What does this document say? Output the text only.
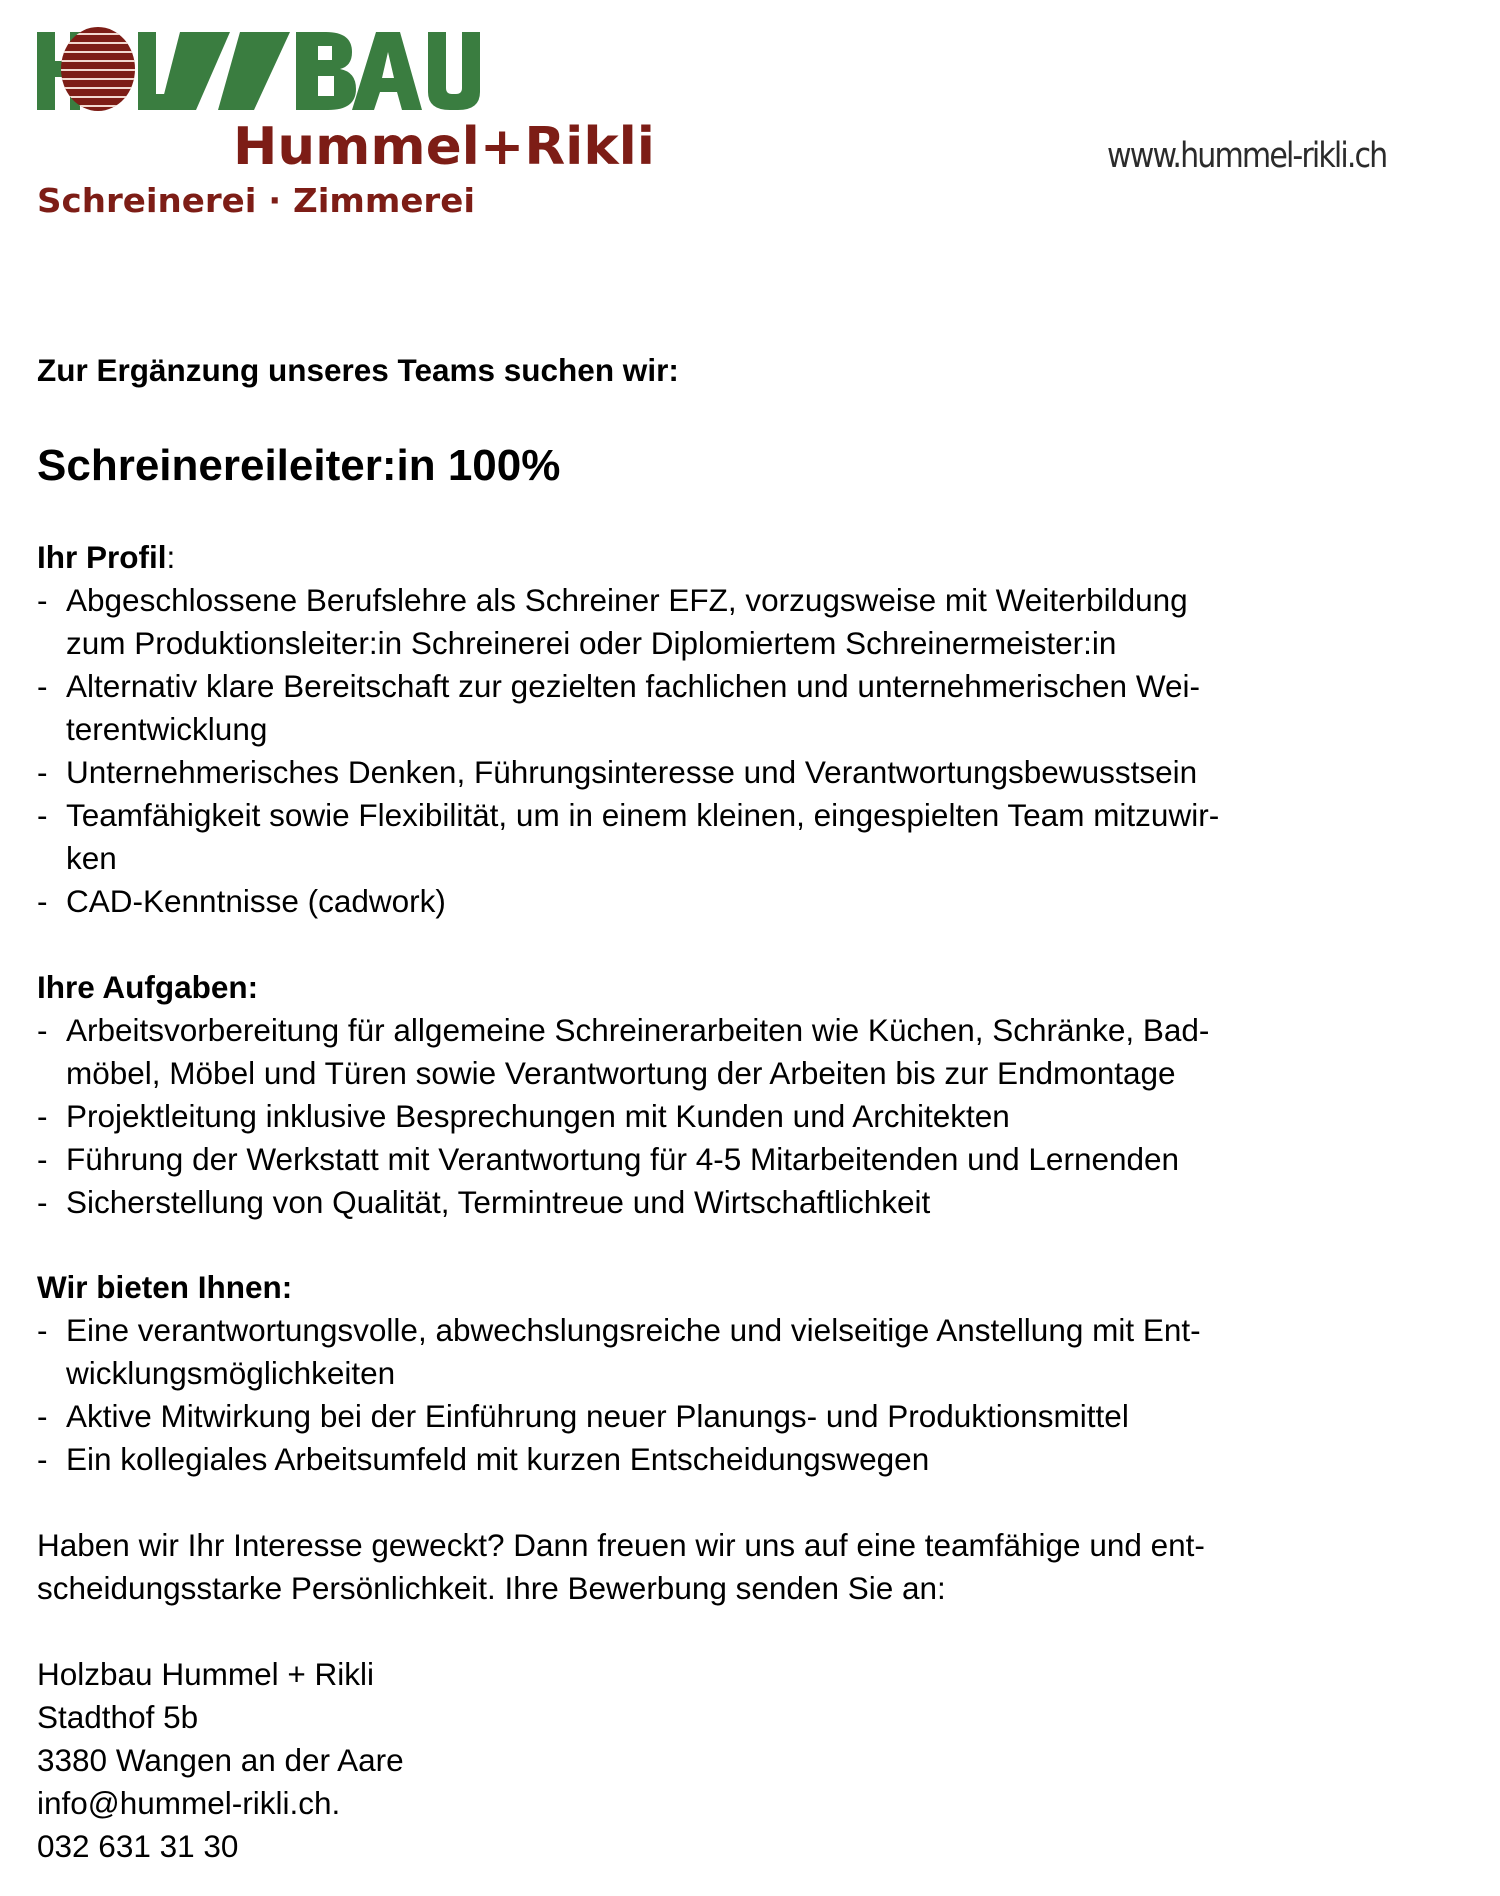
Hummel+Rikli
Schreinerei · Zimmerei
www.hummel-rikli.ch
Zur Ergänzung unseres Teams suchen wir:
Schreinereileiter:in 100%
Ihr Profil:
- Abgeschlossene Berufslehre als Schreiner EFZ, vorzugsweise mit Weiterbildung
zum Produktionsleiter:in Schreinerei oder Diplomiertem Schreinermeister:in
- Alternativ klare Bereitschaft zur gezielten fachlichen und unternehmerischen Wei-
terentwicklung
- Unternehmerisches Denken, Führungsinteresse und Verantwortungsbewusstsein
- Teamfähigkeit sowie Flexibilität, um in einem kleinen, eingespielten Team mitzuwir-
ken
- CAD-Kenntnisse (cadwork)
Ihre Aufgaben:
- Arbeitsvorbereitung für allgemeine Schreinerarbeiten wie Küchen, Schränke, Bad-
möbel, Möbel und Türen sowie Verantwortung der Arbeiten bis zur Endmontage
- Projektleitung inklusive Besprechungen mit Kunden und Architekten
- Führung der Werkstatt mit Verantwortung für 4-5 Mitarbeitenden und Lernenden
- Sicherstellung von Qualität, Termintreue und Wirtschaftlichkeit
Wir bieten Ihnen:
- Eine verantwortungsvolle, abwechslungsreiche und vielseitige Anstellung mit Ent-
wicklungsmöglichkeiten
- Aktive Mitwirkung bei der Einführung neuer Planungs- und Produktionsmittel
- Ein kollegiales Arbeitsumfeld mit kurzen Entscheidungswegen
Haben wir Ihr Interesse geweckt? Dann freuen wir uns auf eine teamfähige und ent-
scheidungsstarke Persönlichkeit. Ihre Bewerbung senden Sie an:
Holzbau Hummel + Rikli
Stadthof 5b
3380 Wangen an der Aare
info@hummel-rikli.ch.
032 631 31 30
